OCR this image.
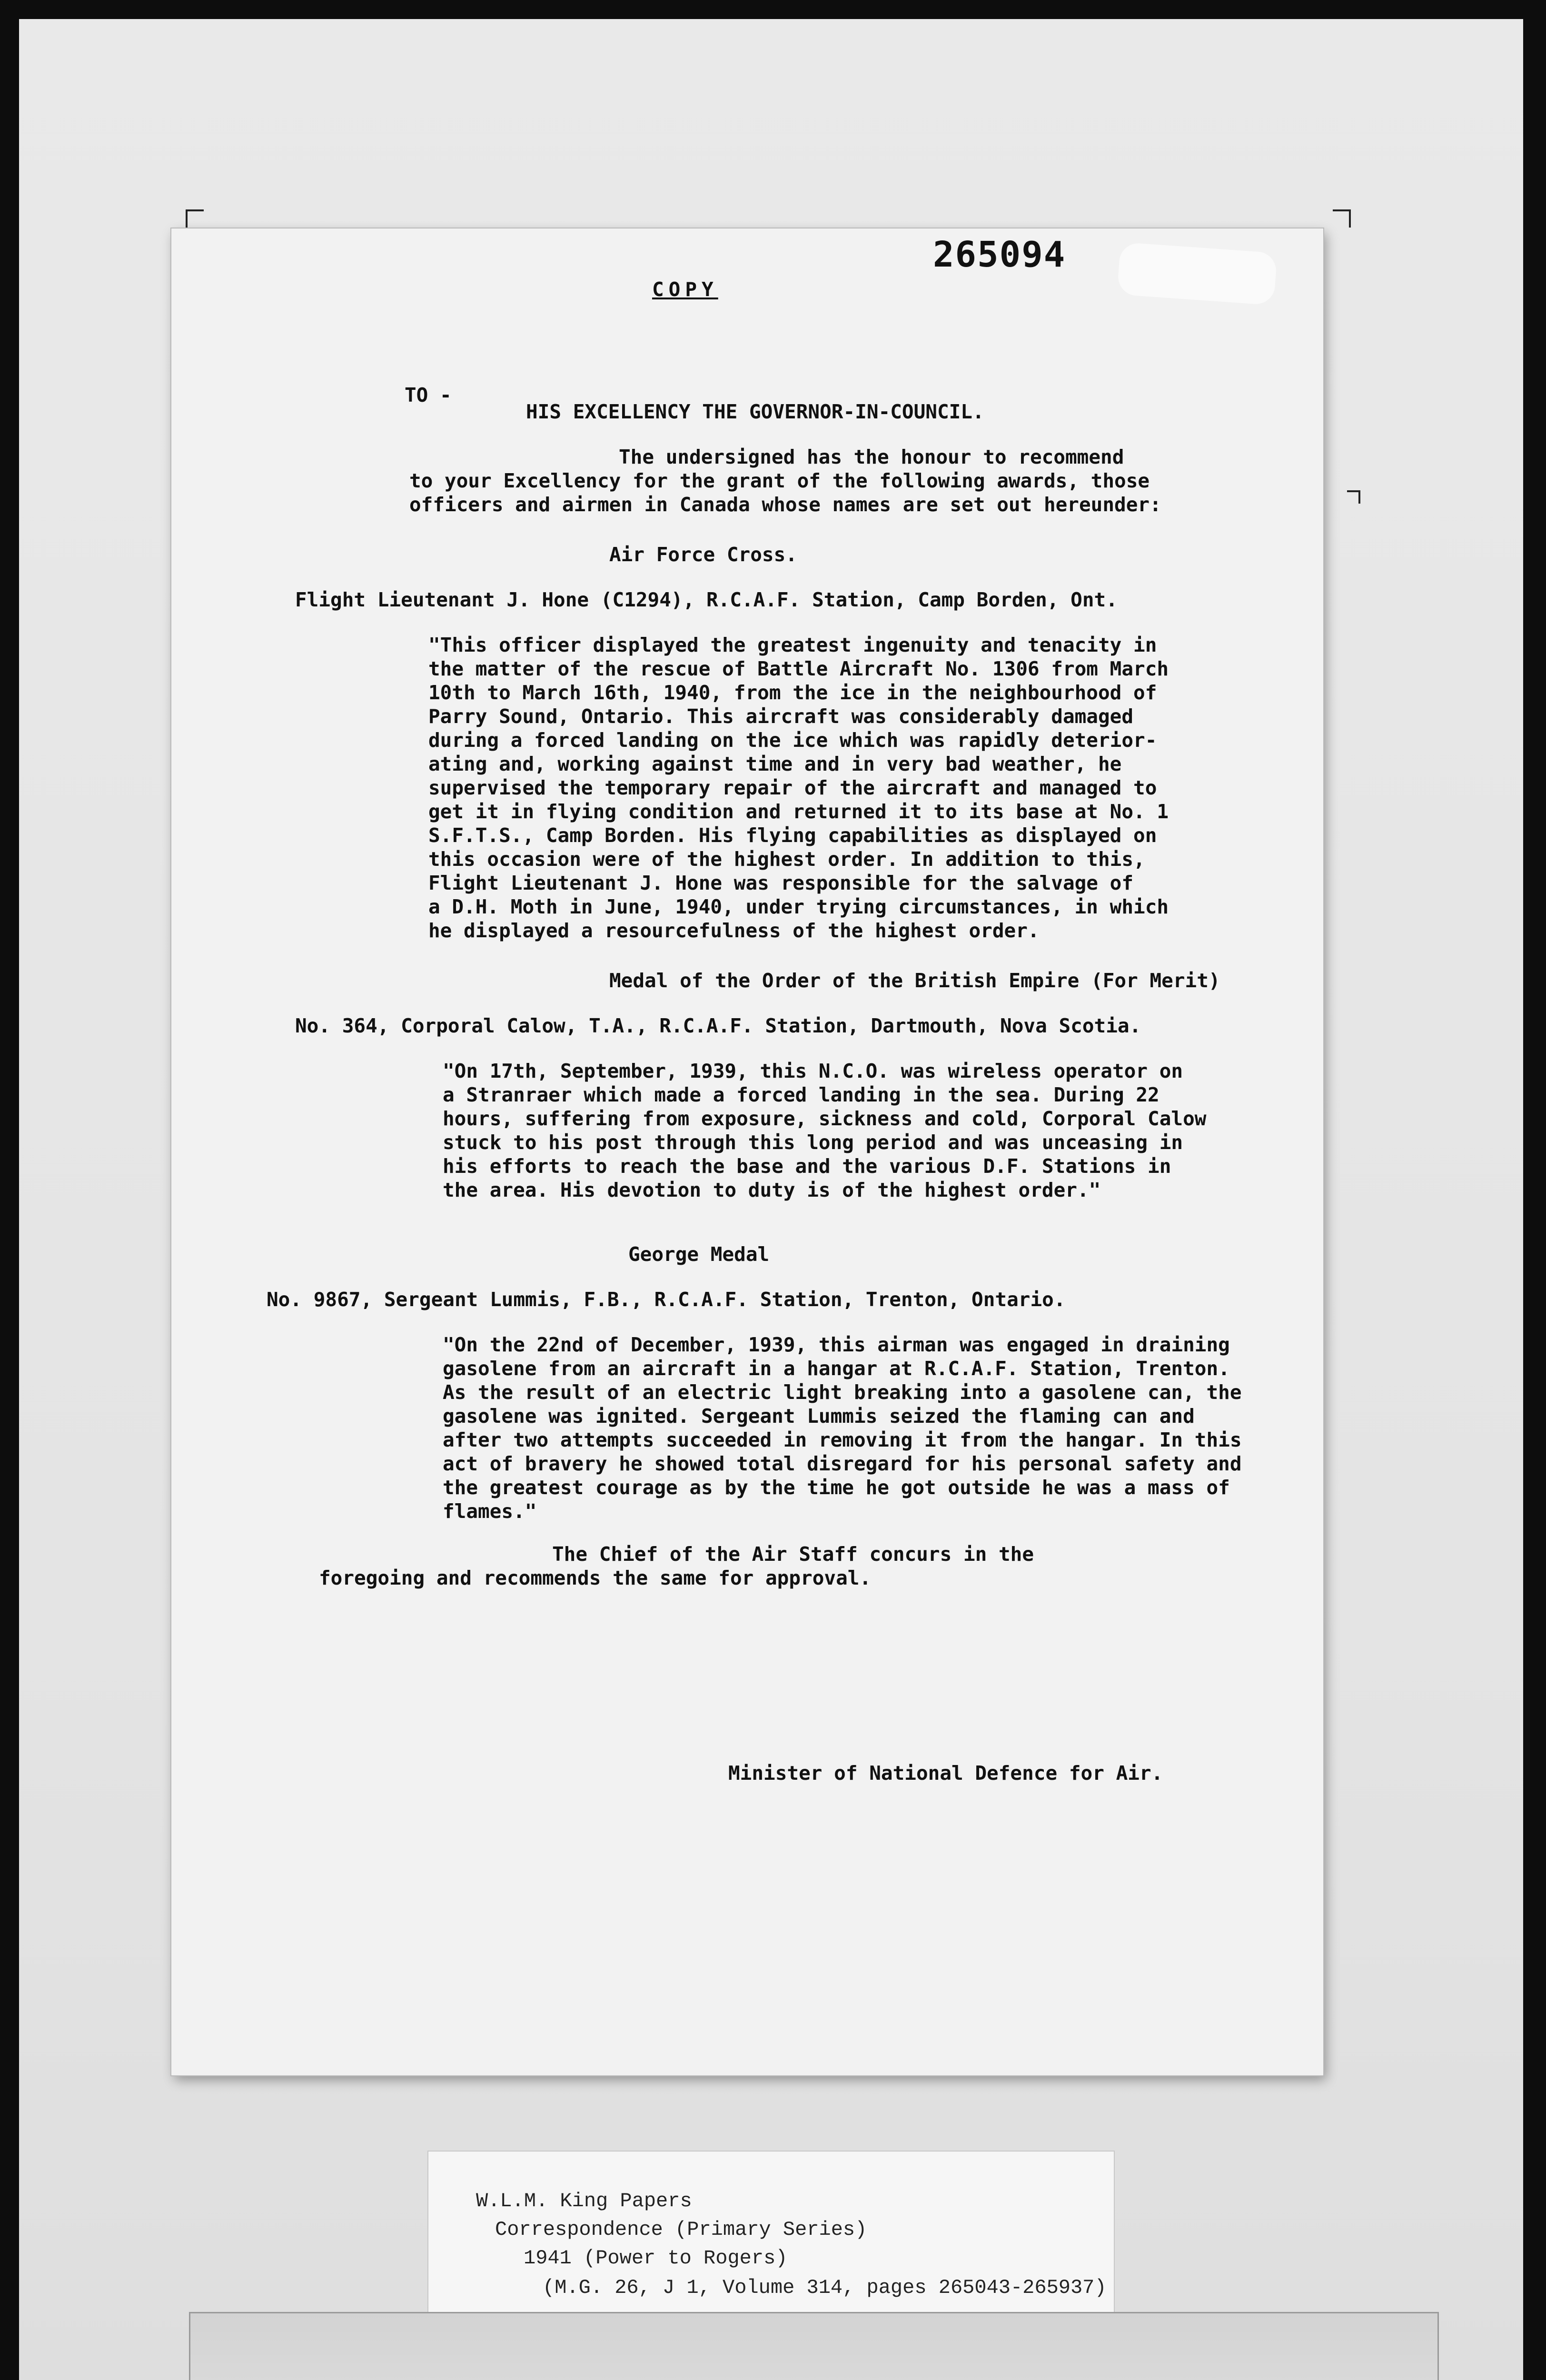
265094
COPY
TO -
HIS EXCELLENCY THE GOVERNOR-IN-COUNCIL.
The undersigned has the honour to recommend
to your Excellency for the grant of the following awards, those
officers and airmen in Canada whose names are set out hereunder:
Air Force Cross.
Flight Lieutenant J. Hone (C1294), R.C.A.F. Station, Camp Borden, Ont.
"This officer displayed the greatest ingenuity and tenacity in
the matter of the rescue of Battle Aircraft No. 1306 from March
10th to March 16th, 1940, from the ice in the neighbourhood of
Parry Sound, Ontario. This aircraft was considerably damaged
during a forced landing on the ice which was rapidly deterior-
ating and, working against time and in very bad weather, he
supervised the temporary repair of the aircraft and managed to
get it in flying condition and returned it to its base at No. 1
S.F.T.S., Camp Borden. His flying capabilities as displayed on
this occasion were of the highest order. In addition to this,
Flight Lieutenant J. Hone was responsible for the salvage of
a D.H. Moth in June, 1940, under trying circumstances, in which
he displayed a resourcefulness of the highest order.
Medal of the Order of the British Empire (For Merit)
No. 364, Corporal Calow, T.A., R.C.A.F. Station, Dartmouth, Nova Scotia.
"On 17th, September, 1939, this N.C.O. was wireless operator on
a Stranraer which made a forced landing in the sea. During 22
hours, suffering from exposure, sickness and cold, Corporal Calow
stuck to his post through this long period and was unceasing in
his efforts to reach the base and the various D.F. Stations in
the area. His devotion to duty is of the highest order."
George Medal
No. 9867, Sergeant Lummis, F.B., R.C.A.F. Station, Trenton, Ontario.
"On the 22nd of December, 1939, this airman was engaged in draining
gasolene from an aircraft in a hangar at R.C.A.F. Station, Trenton.
As the result of an electric light breaking into a gasolene can, the
gasolene was ignited. Sergeant Lummis seized the flaming can and
after two attempts succeeded in removing it from the hangar. In this
act of bravery he showed total disregard for his personal safety and
the greatest courage as by the time he got outside he was a mass of
flames."
The Chief of the Air Staff concurs in the
foregoing and recommends the same for approval.
Minister of National Defence for Air.
W.L.M. King Papers
Correspondence (Primary Series)
1941 (Power to Rogers)
(M.G. 26, J 1, Volume 314, pages 265043-265937)
